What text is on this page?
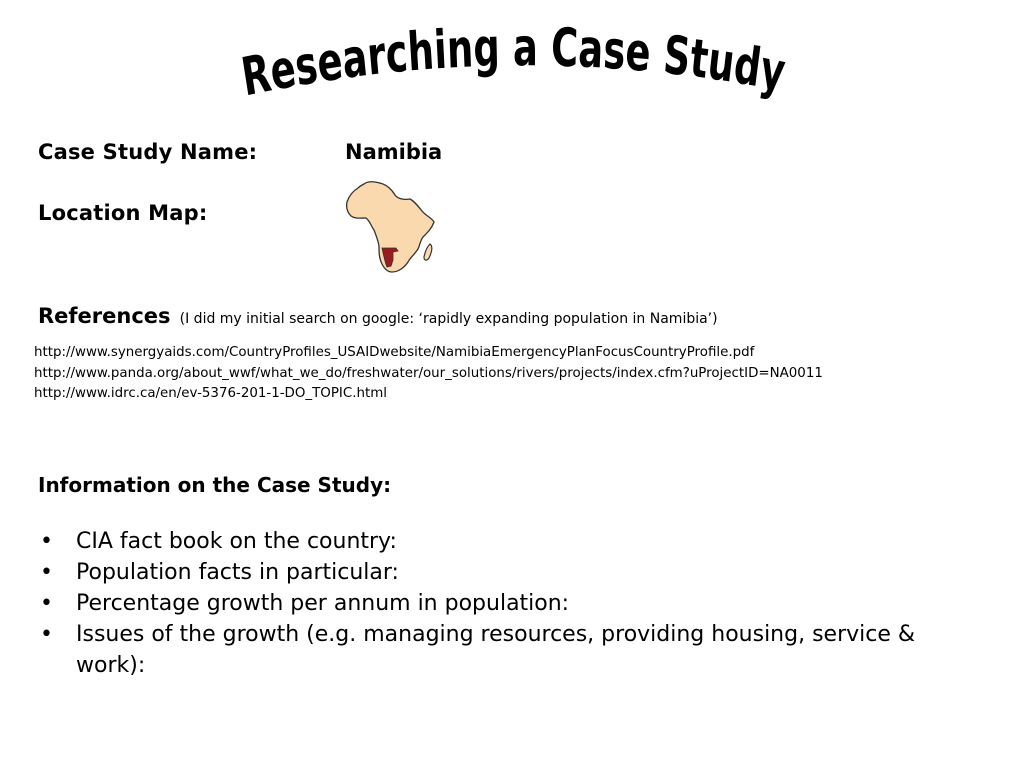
Researching a Case Study
Case Study Name:	Namibia
Location Map:
References (I did my initial search on google: ‘rapidly expanding population in Namibia’)
http://www.synergyaids.com/CountryProfiles_USAIDwebsite/NamibiaEmergencyPlanFocusCountryProfile.pdf
http://www.panda.org/about_wwf/what_we_do/freshwater/our_solutions/rivers/projects/index.cfm?uProjectID=NA0011
http://www.idrc.ca/en/ev-5376-201-1-DO_TOPIC.html
Information on the Case Study:
• CIA fact book on the country:
• Population facts in particular:
• Percentage growth per annum in population:
• Issues of the growth (e.g. managing resources, providing housing, service & work):
